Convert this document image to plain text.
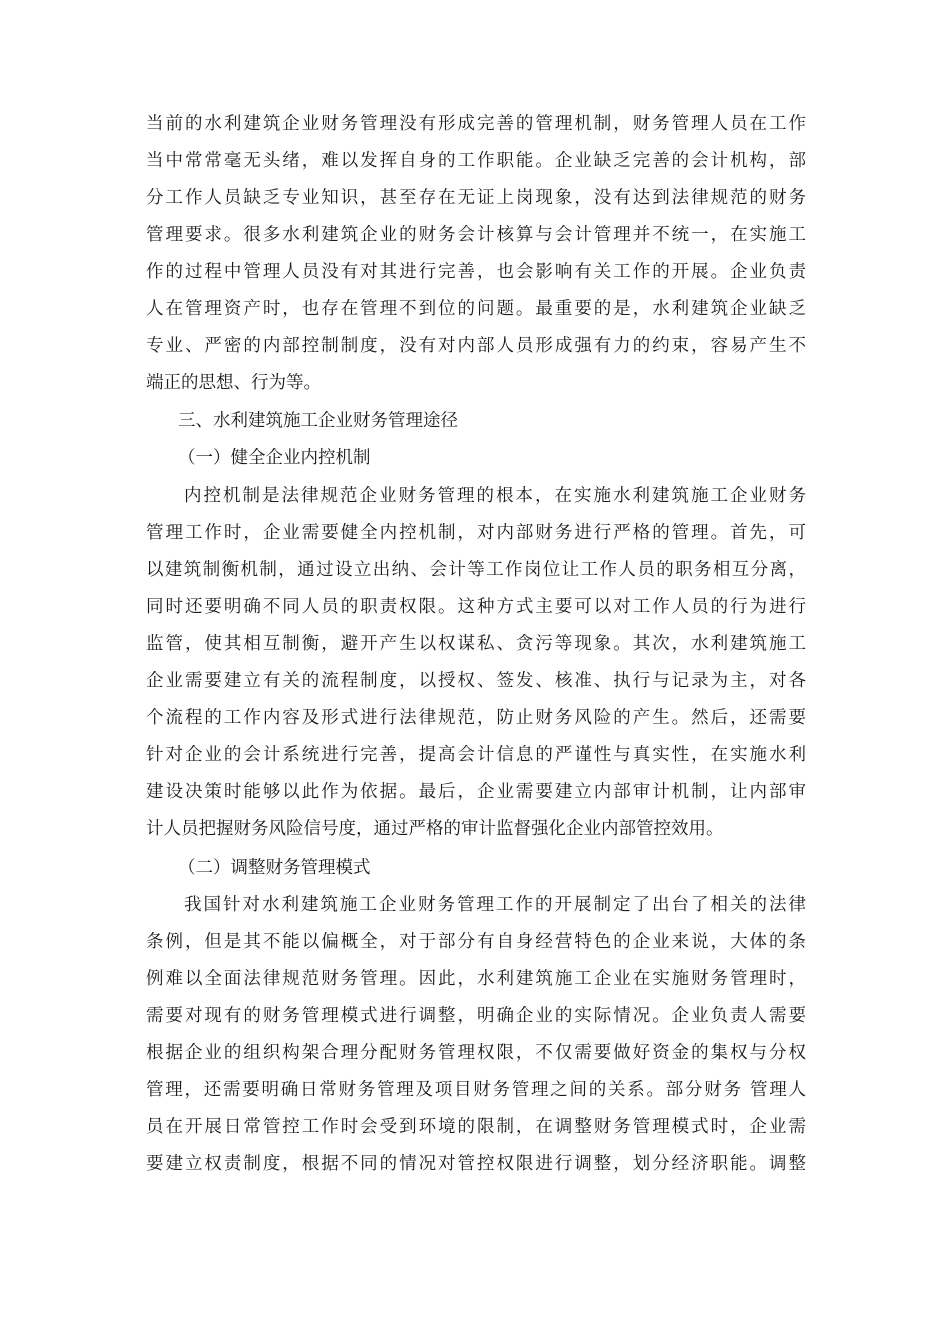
当前的水利建筑企业财务管理没有形成完善的管理机制，财务管理人员在工作
当中常常毫无头绪，难以发挥自身的工作职能。企业缺乏完善的会计机构，部
分工作人员缺乏专业知识，甚至存在无证上岗现象，没有达到法律规范的财务
管理要求。很多水利建筑企业的财务会计核算与会计管理并不统一，在实施工
作的过程中管理人员没有对其进行完善，也会影响有关工作的开展。企业负责
人在管理资产时，也存在管理不到位的问题。最重要的是，水利建筑企业缺乏
专业、严密的内部控制制度，没有对内部人员形成强有力的约束，容易产生不
端正的思想、行为等。
三、水利建筑施工企业财务管理途径
（一）健全企业内控机制
内控机制是法律规范企业财务管理的根本，在实施水利建筑施工企业财务
管理工作时，企业需要健全内控机制，对内部财务进行严格的管理。首先，可
以建筑制衡机制，通过设立出纳、会计等工作岗位让工作人员的职务相互分离，
同时还要明确不同人员的职责权限。这种方式主要可以对工作人员的行为进行
监管，使其相互制衡，避开产生以权谋私、贪污等现象。其次，水利建筑施工
企业需要建立有关的流程制度，以授权、签发、核准、执行与记录为主，对各
个流程的工作内容及形式进行法律规范，防止财务风险的产生。然后，还需要
针对企业的会计系统进行完善，提高会计信息的严谨性与真实性，在实施水利
建设决策时能够以此作为依据。最后，企业需要建立内部审计机制，让内部审
计人员把握财务风险信号度，通过严格的审计监督强化企业内部管控效用。
（二）调整财务管理模式
我国针对水利建筑施工企业财务管理工作的开展制定了出台了相关的法律
条例，但是其不能以偏概全，对于部分有自身经营特色的企业来说，大体的条
例难以全面法律规范财务管理。因此，水利建筑施工企业在实施财务管理时，
需要对现有的财务管理模式进行调整，明确企业的实际情况。企业负责人需要
根据企业的组织构架合理分配财务管理权限，不仅需要做好资金的集权与分权
管理，还需要明确日常财务管理及项目财务管理之间的关系。部分财务 管理人
员在开展日常管控工作时会受到环境的限制，在调整财务管理模式时，企业需
要建立权责制度，根据不同的情况对管控权限进行调整，划分经济职能。调整
